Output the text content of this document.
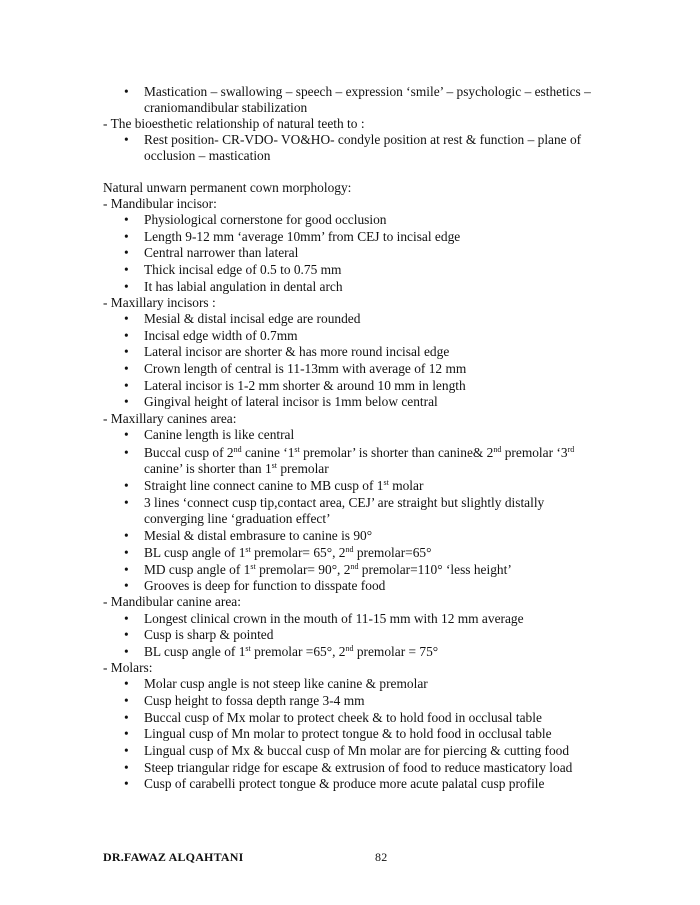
• Mastication – swallowing – speech – expression ‘smile’ – psychologic – esthetics –
craniomandibular stabilization
- The bioesthetic relationship of natural teeth to :
• Rest position- CR-VDO- VO&HO- condyle position at rest & function – plane of
occlusion – mastication
Natural unwarn permanent cown morphology:
- Mandibular incisor:
• Physiological cornerstone for good occlusion
• Length 9-12 mm ‘average 10mm’ from CEJ to incisal edge
• Central narrower than lateral
• Thick incisal edge of 0.5 to 0.75 mm
• It has labial angulation in dental arch
- Maxillary incisors :
• Mesial & distal incisal edge are rounded
• Incisal edge width of 0.7mm
• Lateral incisor are shorter & has more round incisal edge
• Crown length of central is 11-13mm with average of 12 mm
• Lateral incisor is 1-2 mm shorter & around 10 mm in length
• Gingival height of lateral incisor is 1mm below central
- Maxillary canines area:
• Canine length is like central
• Buccal cusp of 2nd canine ‘1st premolar’ is shorter than canine& 2nd premolar ‘3rd
canine’ is shorter than 1st premolar
• Straight line connect canine to MB cusp of 1st molar
• 3 lines ‘connect cusp tip,contact area, CEJ’ are straight but slightly distally
converging line ‘graduation effect’
• Mesial & distal embrasure to canine is 90°
• BL cusp angle of 1st premolar= 65°, 2nd premolar=65°
• MD cusp angle of 1st premolar= 90°, 2nd premolar=110° ‘less height’
• Grooves is deep for function to disspate food
- Mandibular canine area:
• Longest clinical crown in the mouth of 11-15 mm with 12 mm average
• Cusp is sharp & pointed
• BL cusp angle of 1st premolar =65°, 2nd premolar = 75°
- Molars:
• Molar cusp angle is not steep like canine & premolar
• Cusp height to fossa depth range 3-4 mm
• Buccal cusp of Mx molar to protect cheek & to hold food in occlusal table
• Lingual cusp of Mn molar to protect tongue & to hold food in occlusal table
• Lingual cusp of Mx & buccal cusp of Mn molar are for piercing & cutting food
• Steep triangular ridge for escape & extrusion of food to reduce masticatory load
• Cusp of carabelli protect tongue & produce more acute palatal cusp profile
DR.FAWAZ ALQAHTANI	82
